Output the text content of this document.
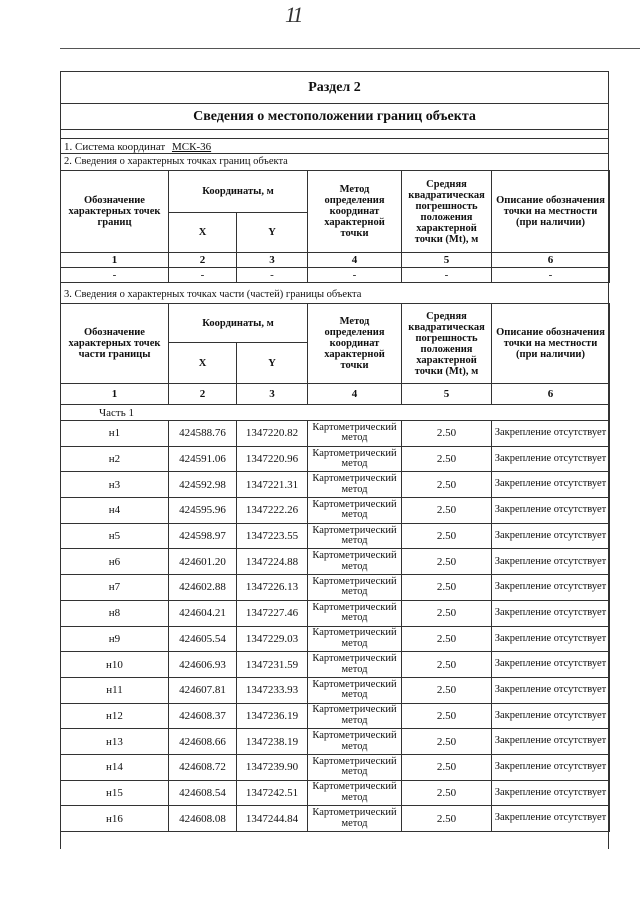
11
Раздел 2
Сведения о местоположении границ объекта
1. Система координат МСК-36
2. Сведения о характерных точках границ объекта
Обозначение характерных точек границ	Координаты, м		Метод определения координат характерной точки	Средняя квадратическая погрешность положения характерной точки (Mt), м	Описание обозначения точки на местности (при наличии)
	X	Y			
1	2	3	4	5	6
-	-	-	-	-	-
3. Сведения о характерных точках части (частей) границы объекта
Обозначение характерных точек части границы	Координаты, м		Метод определения координат характерной точки	Средняя квадратическая погрешность положения характерной точки (Mt), м	Описание обозначения точки на местности (при наличии)
	X	Y			
1	2	3	4	5	6
Часть 1					
н1	424588.76	1347220.82	Картометрический метод	2.50	Закрепление отсутствует
н2	424591.06	1347220.96	Картометрический метод	2.50	Закрепление отсутствует
н3	424592.98	1347221.31	Картометрический метод	2.50	Закрепление отсутствует
н4	424595.96	1347222.26	Картометрический метод	2.50	Закрепление отсутствует
н5	424598.97	1347223.55	Картометрический метод	2.50	Закрепление отсутствует
н6	424601.20	1347224.88	Картометрический метод	2.50	Закрепление отсутствует
н7	424602.88	1347226.13	Картометрический метод	2.50	Закрепление отсутствует
н8	424604.21	1347227.46	Картометрический метод	2.50	Закрепление отсутствует
н9	424605.54	1347229.03	Картометрический метод	2.50	Закрепление отсутствует
н10	424606.93	1347231.59	Картометрический метод	2.50	Закрепление отсутствует
н11	424607.81	1347233.93	Картометрический метод	2.50	Закрепление отсутствует
н12	424608.37	1347236.19	Картометрический метод	2.50	Закрепление отсутствует
н13	424608.66	1347238.19	Картометрический метод	2.50	Закрепление отсутствует
н14	424608.72	1347239.90	Картометрический метод	2.50	Закрепление отсутствует
н15	424608.54	1347242.51	Картометрический метод	2.50	Закрепление отсутствует
н16	424608.08	1347244.84	Картометрический метод	2.50	Закрепление отсутствует
